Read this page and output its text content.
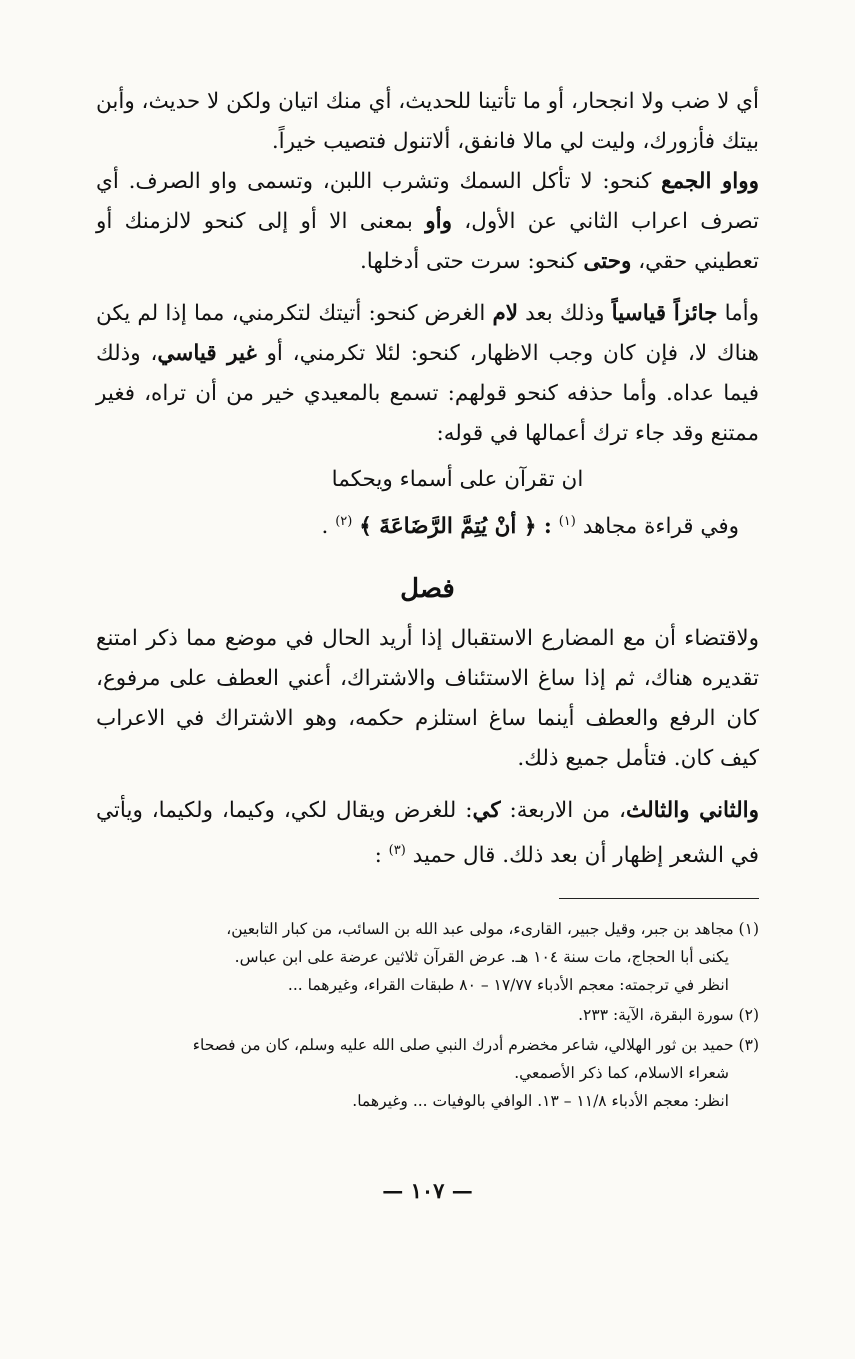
أي لا ضب ولا انجحار، أو ما تأتينا للحديث، أي منك اتيان ولكن لا حديث، وأبن بيتك فأزورك، وليت لي مالا فانفق، ألاتنول فتصيب خيراً.

وواو الجمع كنحو: لا تأكل السمك وتشرب اللبن، وتسمى واو الصرف. أي تصرف اعراب الثاني عن الأول، وأو بمعنى الا أو إلى كنحو لالزمنك أو تعطيني حقي، وحتى كنحو: سرت حتى أدخلها.

وأما جائزاً قياسياً وذلك بعد لام الغرض كنحو: أتيتك لتكرمني، مما إذا لم يكن هناك لا، فإن كان وجب الاظهار، كنحو: لئلا تكرمني، أو غير قياسي، وذلك فيما عداه. وأما حذفه كنحو قولهم: تسمع بالمعيدي خير من أن تراه، فغير ممتنع وقد جاء ترك أعمالها في قوله:

ان تقرآن على أسماء ويحكما

وفي قراءة مجاهد $^{(١)}$ : ﴿ أنْ يُتِمَّ الرَّضَاعَةَ ﴾ $^{(٢)}$ .

فصل

ولاقتضاء أن مع المضارع الاستقبال إذا أريد الحال في موضع مما ذكر امتنع تقديره هناك، ثم إذا ساغ الاستئناف والاشتراك، أعني العطف على مرفوع، كان الرفع والعطف أينما ساغ استلزم حكمه، وهو الاشتراك في الاعراب كيف كان. فتأمل جميع ذلك.

والثاني والثالث، من الاربعة: كي: للغرض ويقال لكي، وكيما، ولكيما، ويأتي في الشعر إظهار أن بعد ذلك. قال حميد $^{(٣)}$ :

(١) مجاهد بن جبر، وقيل جبير، القارىء، مولى عبد الله بن السائب، من كبار التابعين،

يكنى أبا الحجاج، مات سنة ١٠٤ هـ. عرض القرآن ثلاثين عرضة على ابن عباس.

انظر في ترجمته: معجم الأدباء ١٧/٧٧ – ٨٠ طبقات القراء، وغيرهما ...

(٢) سورة البقرة، الآية: ٢٣٣.

(٣) حميد بن ثور الهلالي، شاعر مخضرم أدرك النبي صلى الله عليه وسلم، كان من فصحاء

شعراء الاسلام، كما ذكر الأصمعي.

انظر: معجم الأدباء ١١/٨ – ١٣. الوافي بالوفيات ... وغيرهما.

— ١٠٧ —
